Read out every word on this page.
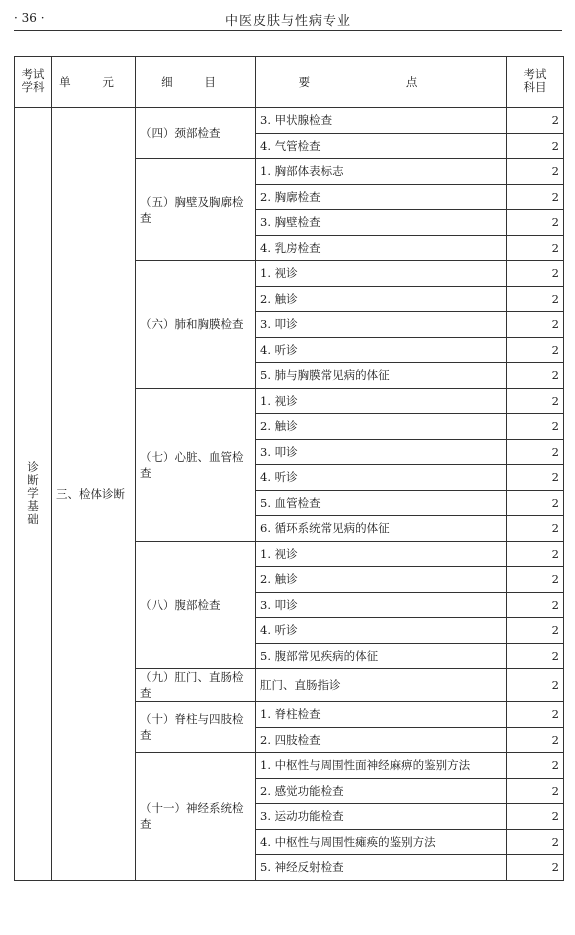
· 36 ·	中医皮肤与性病专业
考试学科	单 元	细 目	要 点	考试科目
诊断学基础	三、检体诊断	（四）颈部检查	3. 甲状腺检查	2
			4. 气管检查	2
		（五）胸壁及胸廓检查	1. 胸部体表标志	2
			2. 胸廓检查	2
			3. 胸壁检查	2
			4. 乳房检查	2
		（六）肺和胸膜检查	1. 视诊	2
			2. 触诊	2
			3. 叩诊	2
			4. 听诊	2
			5. 肺与胸膜常见病的体征	2
		（七）心脏、血管检查	1. 视诊	2
			2. 触诊	2
			3. 叩诊	2
			4. 听诊	2
			5. 血管检查	2
			6. 循环系统常见病的体征	2
		（八）腹部检查	1. 视诊	2
			2. 触诊	2
			3. 叩诊	2
			4. 听诊	2
			5. 腹部常见疾病的体征	2
		（九）肛门、直肠检查	肛门、直肠指诊	2
		（十）脊柱与四肢检查	1. 脊柱检查	2
			2. 四肢检查	2
		（十一）神经系统检查	1. 中枢性与周围性面神经麻痹的鉴别方法	2
			2. 感觉功能检查	2
			3. 运动功能检查	2
			4. 中枢性与周围性瘫痪的鉴别方法	2
			5. 神经反射检查	2
